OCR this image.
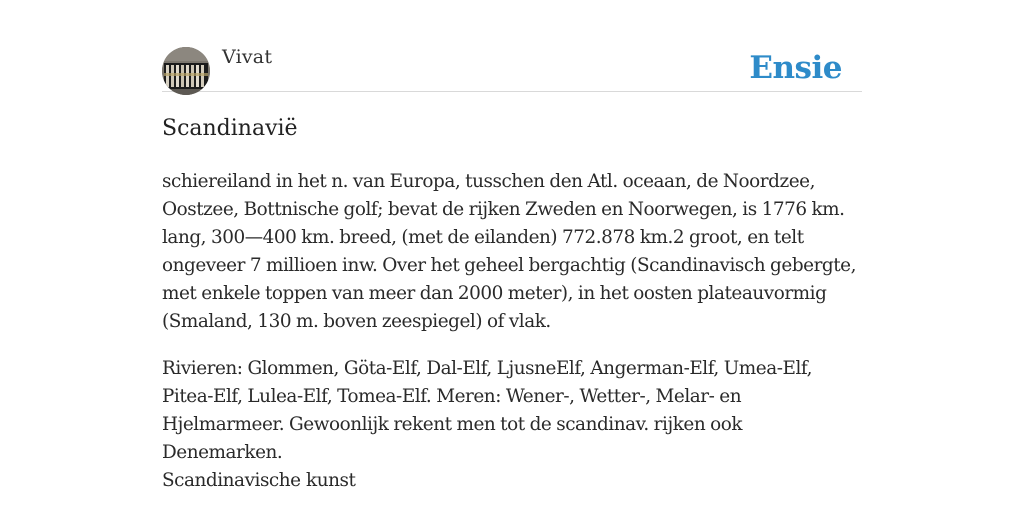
Vivat	Ensie
Scandinavië

schiereiland in het n. van Europa, tusschen den Atl. oceaan, de Noordzee, Oostzee, Bottnische golf; bevat de rijken Zweden en Noorwegen, is 1776 km. lang, 300—400 km. breed, (met de eilanden) 772.878 km.2 groot, en telt ongeveer 7 millioen inw. Over het geheel bergachtig (Scandinavisch gebergte, met enkele toppen van meer dan 2000 meter), in het oosten plateauvormig (Smaland, 130 m. boven zeespiegel) of vlak.

Rivieren: Glommen, Göta-Elf, Dal-Elf, LjusneElf, Angerman-Elf, Umea-Elf, Pitea-Elf, Lulea-Elf, Tomea-Elf. Meren: Wener-, Wetter-, Melar- en Hjelmarmeer. Gewoonlijk rekent men tot de scandinav. rijken ook Denemarken.

Scandinavische kunst
